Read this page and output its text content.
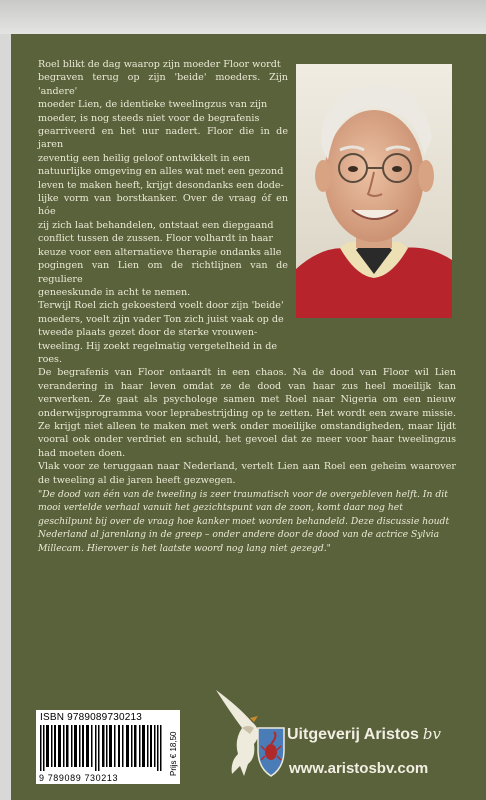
Roel blikt de dag waarop zijn moeder Floor wordt

begraven terug op zijn 'beide' moeders. Zijn 'andere'

moeder Lien, de identieke tweelingzus van zijn

moeder, is nog steeds niet voor de begrafenis

gearriveerd en het uur nadert. Floor die in de jaren

zeventig een heilig geloof ontwikkelt in een

natuurlijke omgeving en alles wat met een gezond

leven te maken heeft, krijgt desondanks een dode-

lijke vorm van borstkanker. Over de vraag óf en hóe

zij zich laat behandelen, ontstaat een diepgaand

conflict tussen de zussen. Floor volhardt in haar

keuze voor een alternatieve therapie ondanks alle

pogingen van Lien om de richtlijnen van de reguliere

geneeskunde in acht te nemen.

Terwijl Roel zich gekoesterd voelt door zijn 'beide'

moeders, voelt zijn vader Ton zich juist vaak op de

tweede plaats gezet door de sterke vrouwen-

tweeling. Hij zoekt regelmatig vergetelheid in de

roes.

De begrafenis van Floor ontaardt in een chaos. Na de dood van Floor wil Lien verandering in haar leven omdat ze de dood van haar zus heel moeilijk kan verwerken. Ze gaat als psychologe samen met Roel naar Nigeria om een nieuw onderwijsprogramma voor leprabestrijding op te zetten. Het wordt een zware missie. Ze krijgt niet alleen te maken met werk onder moeilijke omstandigheden, maar lijdt vooral ook onder verdriet en schuld, het gevoel dat ze meer voor haar tweelingzus had moeten doen.

Vlak voor ze teruggaan naar Nederland, vertelt Lien aan Roel een geheim waarover de tweeling al die jaren heeft gezwegen.

"De dood van één van de tweeling is zeer traumatisch voor de overgebleven helft. In dit mooi vertelde verhaal vanuit het gezichtspunt van de zoon, komt daar nog het geschilpunt bij over de vraag hoe kanker moet worden behandeld. Deze discussie houdt Nederland al jarenlang in de greep – onder andere door de dood van de actrice Sylvia Millecam. Hierover is het laatste woord nog lang niet gezegd."

ISBN 9789089730213
9 789089 730213
Prijs € 18,50	Uitgeverij Aristos bv
www.aristosbv.com
